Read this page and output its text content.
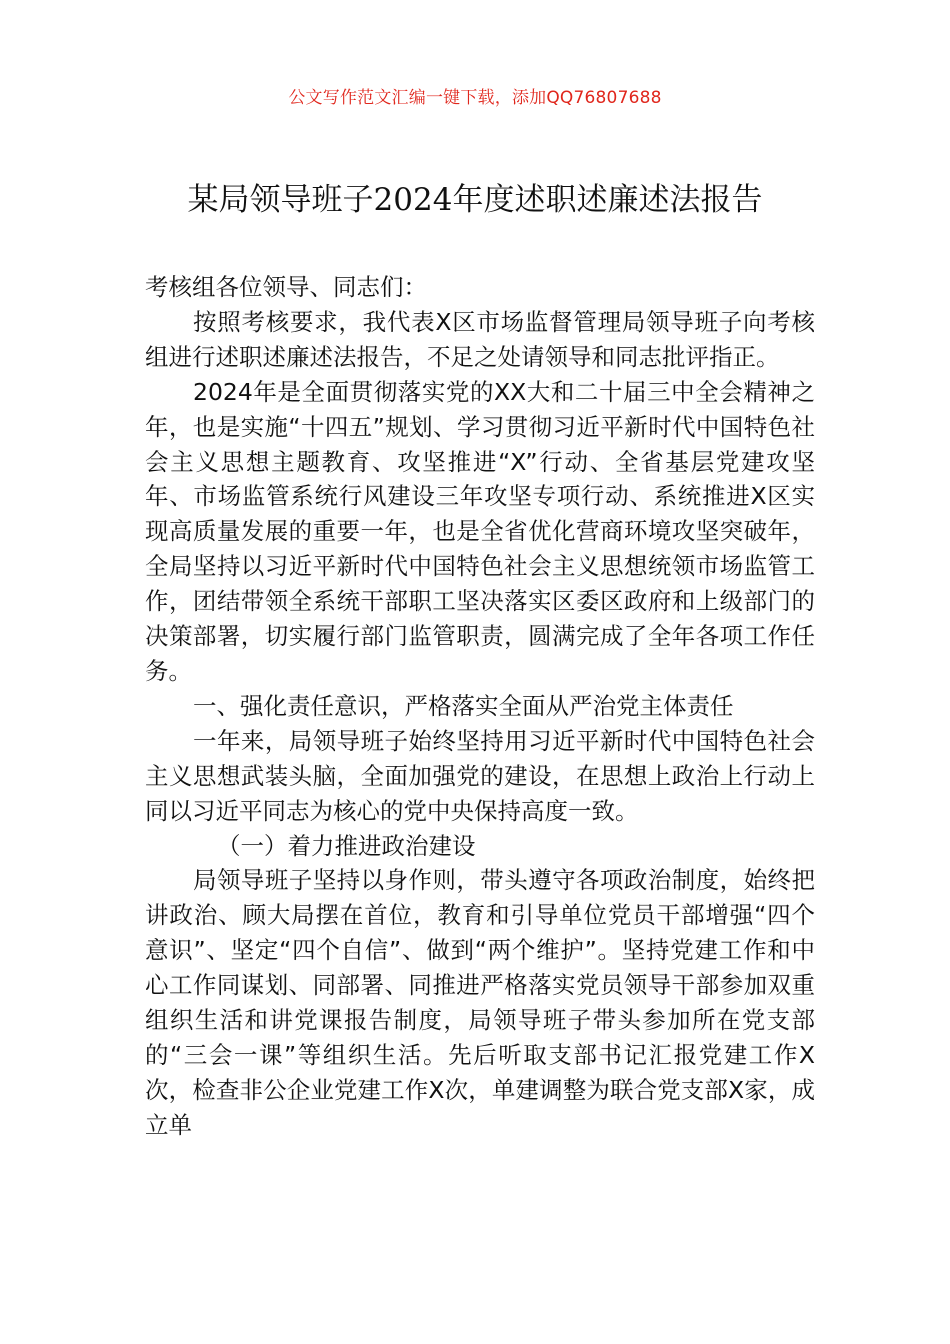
公文写作范文汇编一键下载，添加QQ76807688
某局领导班子2024年度述职述廉述法报告

考核组各位领导、同志们：

按照考核要求，我代表X区市场监督管理局领导班子向考核组进行述职述廉述法报告，不足之处请领导和同志批评指正。

2024年是全面贯彻落实党的XX大和二十届三中全会精神之年，也是实施“十四五”规划、学习贯彻习近平新时代中国特色社会主义思想主题教育、攻坚推进“X”行动、全省基层党建攻坚年、市场监管系统行风建设三年攻坚专项行动、系统推进X区实现高质量发展的重要一年，也是全省优化营商环境攻坚突破年，全局坚持以习近平新时代中国特色社会主义思想统领市场监管工作，团结带领全系统干部职工坚决落实区委区政府和上级部门的决策部署，切实履行部门监管职责，圆满完成了全年各项工作任务。

一、强化责任意识，严格落实全面从严治党主体责任

一年来，局领导班子始终坚持用习近平新时代中国特色社会主义思想武装头脑，全面加强党的建设，在思想上政治上行动上同以习近平同志为核心的党中央保持高度一致。

（一）着力推进政治建设

局领导班子坚持以身作则，带头遵守各项政治制度，始终把讲政治、顾大局摆在首位，教育和引导单位党员干部增强“四个意识”、坚定“四个自信”、做到“两个维护”。坚持党建工作和中心工作同谋划、同部署、同推进严格落实党员领导干部参加双重组织生活和讲党课报告制度，局领导班子带头参加所在党支部的“三会一课”等组织生活。先后听取支部书记汇报党建工作X次，检查非公企业党建工作X次，单建调整为联合党支部X家，成立单
